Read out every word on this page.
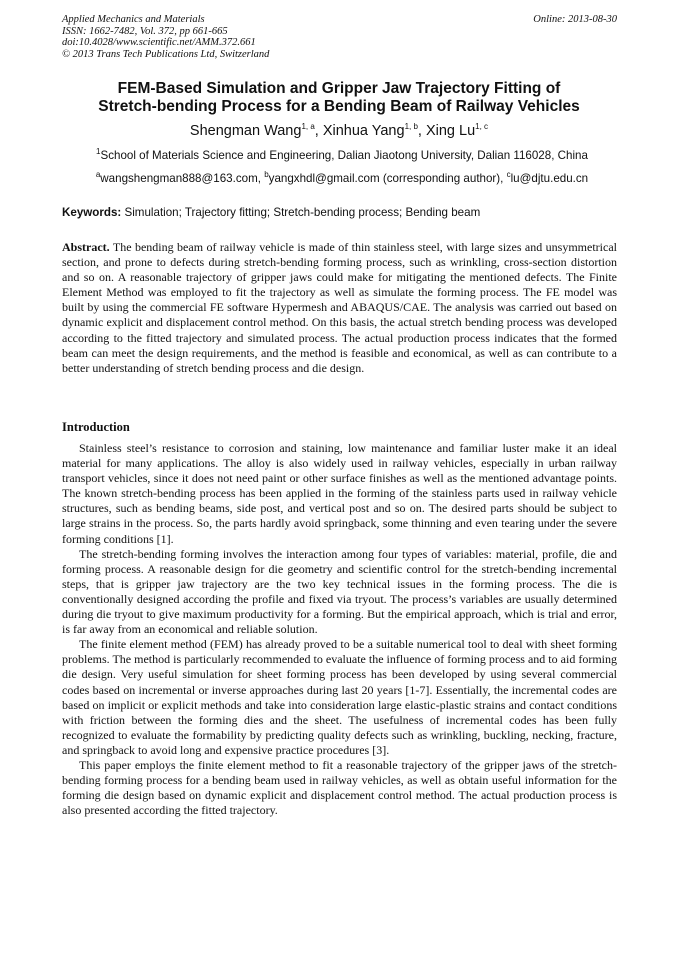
Applied Mechanics and Materials
ISSN: 1662-7482, Vol. 372, pp 661-665
doi:10.4028/www.scientific.net/AMM.372.661
© 2013 Trans Tech Publications Ltd, Switzerland
Online: 2013-08-30
FEM-Based Simulation and Gripper Jaw Trajectory Fitting of
Stretch-bending Process for a Bending Beam of Railway Vehicles
Shengman Wang$^{1, a}$, Xinhua Yang$^{1, b}$, Xing Lu$^{1, c}$
$^1$School of Materials Science and Engineering, Dalian Jiaotong University, Dalian 116028, China
$^a$wangshengman888@163.com, $^b$yangxhdl@gmail.com (corresponding author), $^c$lu@djtu.edu.cn
Keywords: Simulation; Trajectory fitting; Stretch-bending process; Bending beam

Abstract. The bending beam of railway vehicle is made of thin stainless steel, with large sizes and unsymmetrical section, and prone to defects during stretch-bending forming process, such as wrinkling, cross-section distortion and so on. A reasonable trajectory of gripper jaws could make for mitigating the mentioned defects. The Finite Element Method was employed to fit the trajectory as well as simulate the forming process. The FE model was built by using the commercial FE software Hypermesh and ABAQUS/CAE. The analysis was carried out based on dynamic explicit and displacement control method. On this basis, the actual stretch bending process was developed according to the fitted trajectory and simulated process. The actual production process indicates that the formed beam can meet the design requirements, and the method is feasible and economical, as well as can contribute to a better understanding of stretch bending process and die design.

Introduction

Stainless steel’s resistance to corrosion and staining, low maintenance and familiar luster make it an ideal material for many applications. The alloy is also widely used in railway vehicles, especially in urban railway transport vehicles, since it does not need paint or other surface finishes as well as the mentioned advantage points. The known stretch-bending process has been applied in the forming of the stainless parts used in railway vehicle structures, such as bending beams, side post, and vertical post and so on. The desired parts should be subject to large strains in the process. So, the parts hardly avoid springback, some thinning and even tearing under the severe forming conditions [1].

The stretch-bending forming involves the interaction among four types of variables: material, profile, die and forming process. A reasonable design for die geometry and scientific control for the stretch-bending incremental steps, that is gripper jaw trajectory are the two key technical issues in the forming process. The die is conventionally designed according the profile and fixed via tryout. The process’s variables are usually determined during die tryout to give maximum productivity for a forming. But the empirical approach, which is trial and error, is far away from an economical and reliable solution.

The finite element method (FEM) has already proved to be a suitable numerical tool to deal with sheet forming problems. The method is particularly recommended to evaluate the influence of forming process and to aid forming die design. Very useful simulation for sheet forming process has been developed by using several commercial codes based on incremental or inverse approaches during last 20 years [1-7]. Essentially, the incremental codes are based on implicit or explicit methods and take into consideration large elastic-plastic strains and contact conditions with friction between the forming dies and the sheet. The usefulness of incremental codes has been fully recognized to evaluate the formability by predicting quality defects such as wrinkling, buckling, necking, fracture, and springback to avoid long and expensive practice procedures [3].

This paper employs the finite element method to fit a reasonable trajectory of the gripper jaws of the stretch-bending forming process for a bending beam used in railway vehicles, as well as obtain useful information for the forming die design based on dynamic explicit and displacement control method. The actual production process is also presented according the fitted trajectory.
